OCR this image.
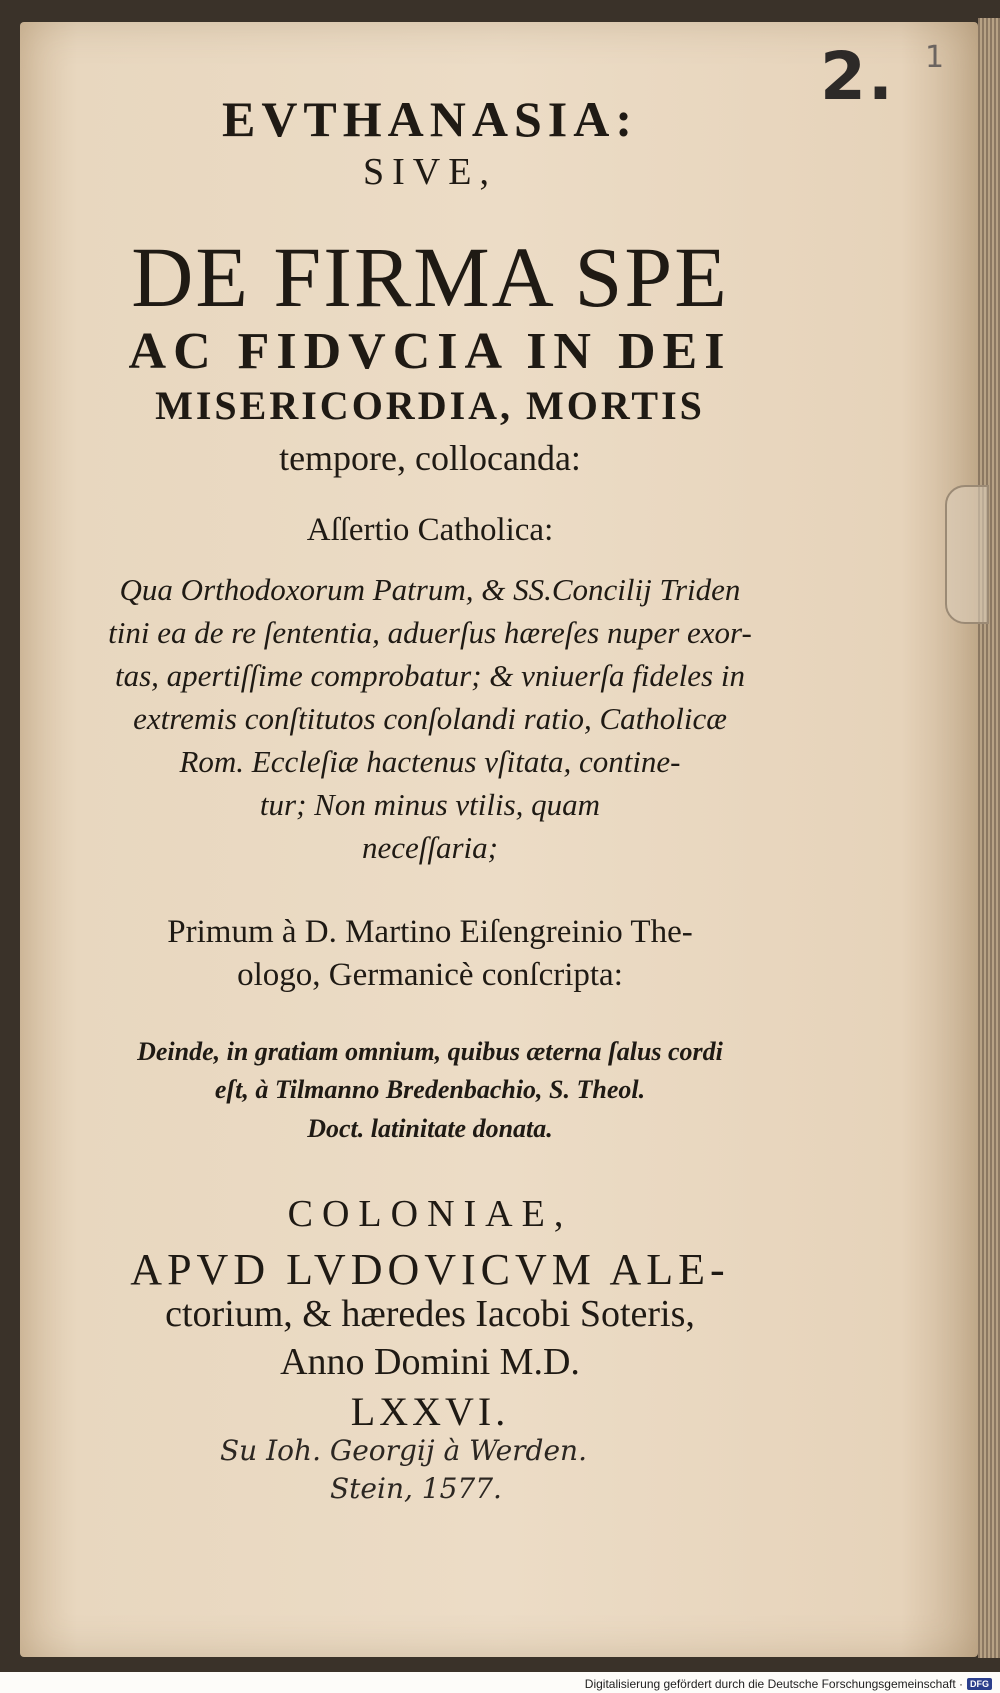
EVTHANASIA:

SIVE,

DE FIRMA SPE

AC FIDVCIA IN DEI

MISERICORDIA, MORTIS

tempore, collocanda:

Aſſertio Catholica:

Qua Orthodoxorum Patrum, & SS.Concilij Triden

tini ea de re ſententia, aduerſus hæreſes nuper exor-

tas, apertiſſime comprobatur; & vniuerſa fideles in

extremis conſtitutos conſolandi ratio, Catholicæ

Rom. Eccleſiæ hactenus vſitata, contine-

tur; Non minus vtilis, quam

neceſſaria;

Primum à D. Martino Eiſengreinio The-

ologo, Germanicè conſcripta:

Deinde, in gratiam omnium, quibus æterna ſalus cordi

eſt, à Tilmanno Bredenbachio, S. Theol.

Doct. latinitate donata.

COLONIAE,

APVD LVDOVICVM ALE-

ctorium, & hæredes Iacobi Soteris,

Anno Domini M.D.

LXXVI.

Su Ioh. Georgij à Werden.

Stein, 1577.

2.	1
Digitalisierung gefördert durch die Deutsche Forschungsgemeinschaft · DFG
